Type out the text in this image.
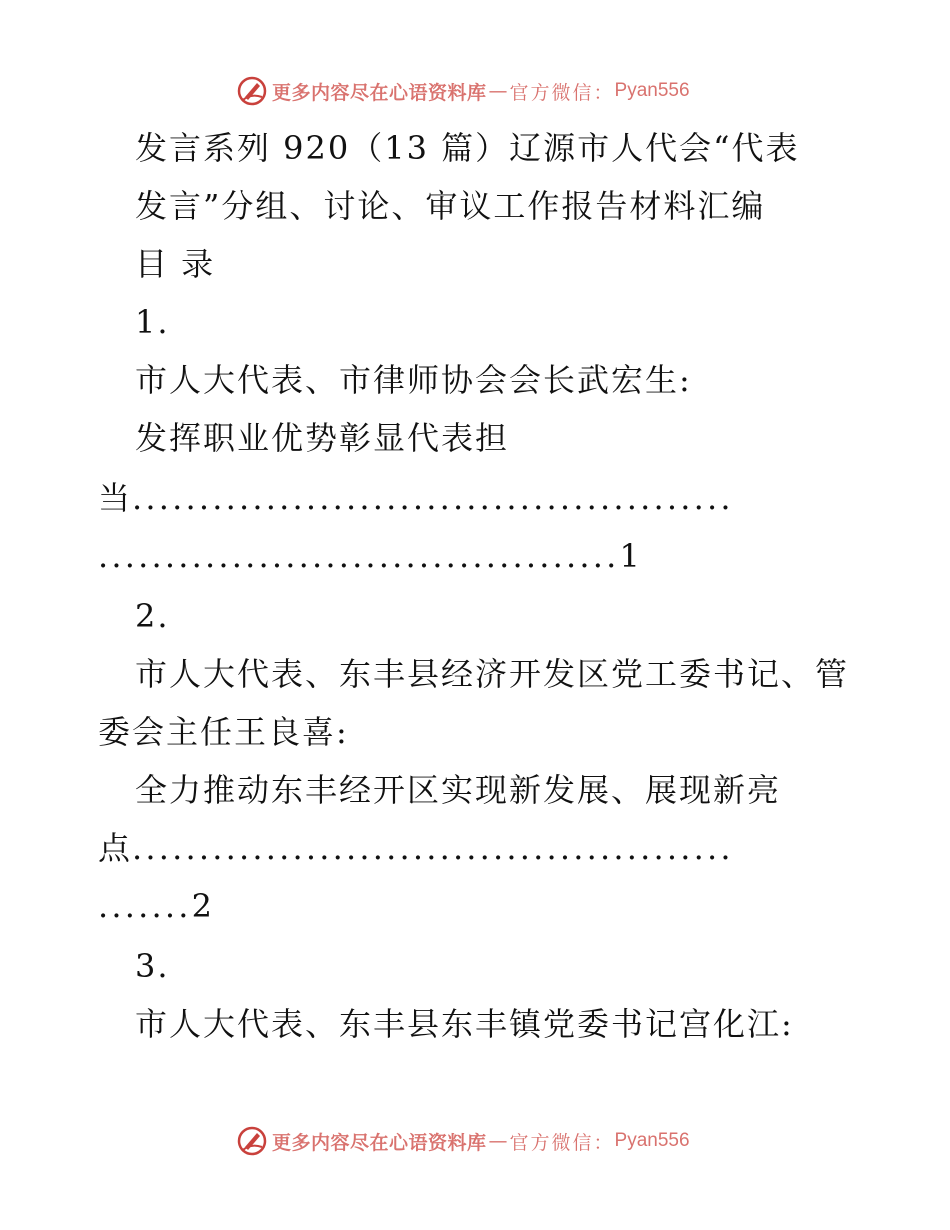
更多内容尽在心语资料库 — 官方微信： Pyan556
发言系列 920（13 篇）辽源市人代会“代表
发言”分组、讨论、审议工作报告材料汇编
目 录
1.
市人大代表、市律师协会会长武宏生:
发挥职业优势彰显代表担
当.............................................
.......................................1
2.
市人大代表、东丰县经济开发区党工委书记、管
委会主任王良喜:
全力推动东丰经开区实现新发展、展现新亮
点.............................................
.......2
3.
市人大代表、东丰县东丰镇党委书记宫化江:
更多内容尽在心语资料库 — 官方微信： Pyan556
